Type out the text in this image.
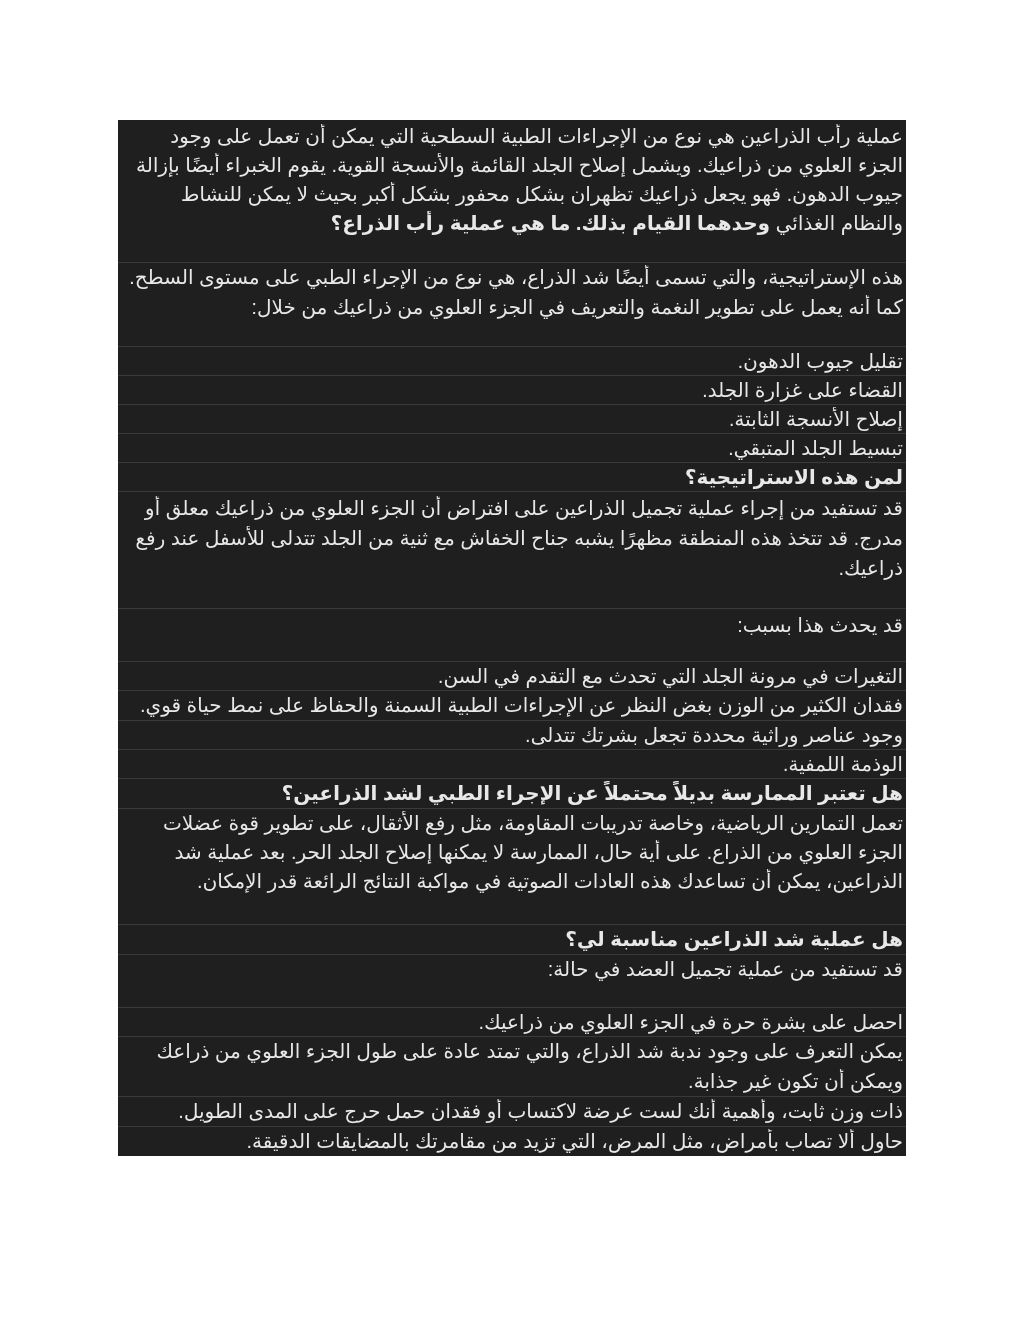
عملية رأب الذراعين هي نوع من الإجراءات الطبية السطحية التي يمكن أن تعمل على وجود
الجزء العلوي من ذراعيك. ويشمل إصلاح الجلد القائمة والأنسجة القوية. يقوم الخبراء أيضًا بإزالة
جيوب الدهون. فهو يجعل ذراعيك تظهران بشكل محفور بشكل أكبر بحيث لا يمكن للنشاط
والنظام الغذائي وحدهما القيام بذلك. ما هي عملية رأب الذراع؟
هذه الإستراتيجية، والتي تسمى أيضًا شد الذراع، هي نوع من الإجراء الطبي على مستوى السطح.
كما أنه يعمل على تطوير النغمة والتعريف في الجزء العلوي من ذراعيك من خلال:
تقليل جيوب الدهون.
القضاء على غزارة الجلد.
إصلاح الأنسجة الثابتة.
تبسيط الجلد المتبقي.
لمن هذه الاستراتيجية؟
قد تستفيد من إجراء عملية تجميل الذراعين على افتراض أن الجزء العلوي من ذراعيك معلق أو
مدرج. قد تتخذ هذه المنطقة مظهرًا يشبه جناح الخفاش مع ثنية من الجلد تتدلى للأسفل عند رفع
ذراعيك.
قد يحدث هذا بسبب:
التغيرات في مرونة الجلد التي تحدث مع التقدم في السن.
فقدان الكثير من الوزن بغض النظر عن الإجراءات الطبية السمنة والحفاظ على نمط حياة قوي.
وجود عناصر وراثية محددة تجعل بشرتك تتدلى.
الوذمة اللمفية.
هل تعتبر الممارسة بديلاً محتملاً عن الإجراء الطبي لشد الذراعين؟
تعمل التمارين الرياضية، وخاصة تدريبات المقاومة، مثل رفع الأثقال، على تطوير قوة عضلات
الجزء العلوي من الذراع. على أية حال، الممارسة لا يمكنها إصلاح الجلد الحر. بعد عملية شد
الذراعين، يمكن أن تساعدك هذه العادات الصوتية في مواكبة النتائج الرائعة قدر الإمكان.
هل عملية شد الذراعين مناسبة لي؟
قد تستفيد من عملية تجميل العضد في حالة:
احصل على بشرة حرة في الجزء العلوي من ذراعيك.
يمكن التعرف على وجود ندبة شد الذراع، والتي تمتد عادة على طول الجزء العلوي من ذراعك
ويمكن أن تكون غير جذابة.
ذات وزن ثابت، وأهمية أنك لست عرضة لاكتساب أو فقدان حمل حرج على المدى الطويل.
حاول ألا تصاب بأمراض، مثل المرض، التي تزيد من مقامرتك بالمضايقات الدقيقة.
